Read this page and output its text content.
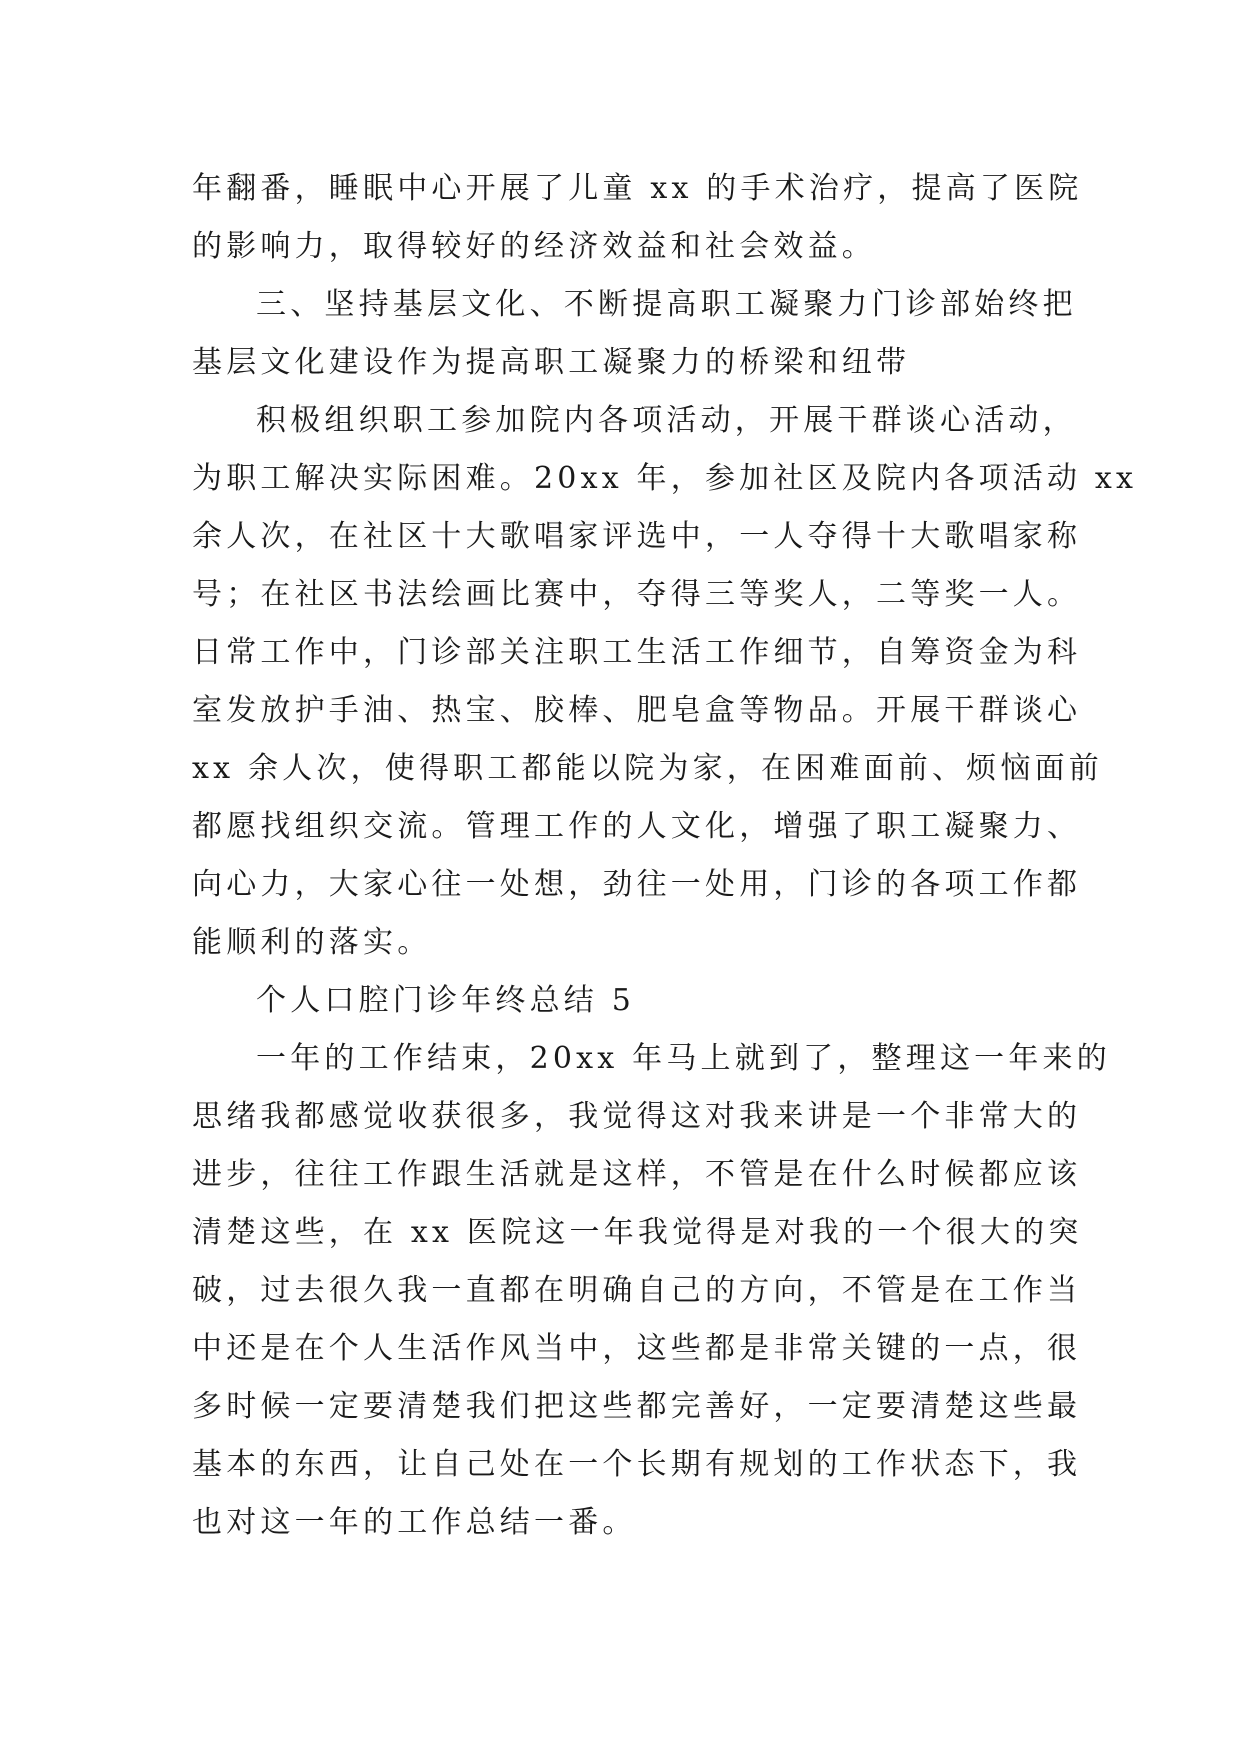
年翻番，睡眠中心开展了儿童 xx 的手术治疗，提高了医院
的影响力，取得较好的经济效益和社会效益。
三、坚持基层文化、不断提高职工凝聚力门诊部始终把
基层文化建设作为提高职工凝聚力的桥梁和纽带
积极组织职工参加院内各项活动，开展干群谈心活动，
为职工解决实际困难。20xx 年，参加社区及院内各项活动 xx
余人次，在社区十大歌唱家评选中，一人夺得十大歌唱家称
号；在社区书法绘画比赛中，夺得三等奖人，二等奖一人。
日常工作中，门诊部关注职工生活工作细节，自筹资金为科
室发放护手油、热宝、胶棒、肥皂盒等物品。开展干群谈心
xx 余人次，使得职工都能以院为家，在困难面前、烦恼面前
都愿找组织交流。管理工作的人文化，增强了职工凝聚力、
向心力，大家心往一处想，劲往一处用，门诊的各项工作都
能顺利的落实。
个人口腔门诊年终总结 5
一年的工作结束，20xx 年马上就到了，整理这一年来的
思绪我都感觉收获很多，我觉得这对我来讲是一个非常大的
进步，往往工作跟生活就是这样，不管是在什么时候都应该
清楚这些，在 xx 医院这一年我觉得是对我的一个很大的突
破，过去很久我一直都在明确自己的方向，不管是在工作当
中还是在个人生活作风当中，这些都是非常关键的一点，很
多时候一定要清楚我们把这些都完善好，一定要清楚这些最
基本的东西，让自己处在一个长期有规划的工作状态下，我
也对这一年的工作总结一番。
